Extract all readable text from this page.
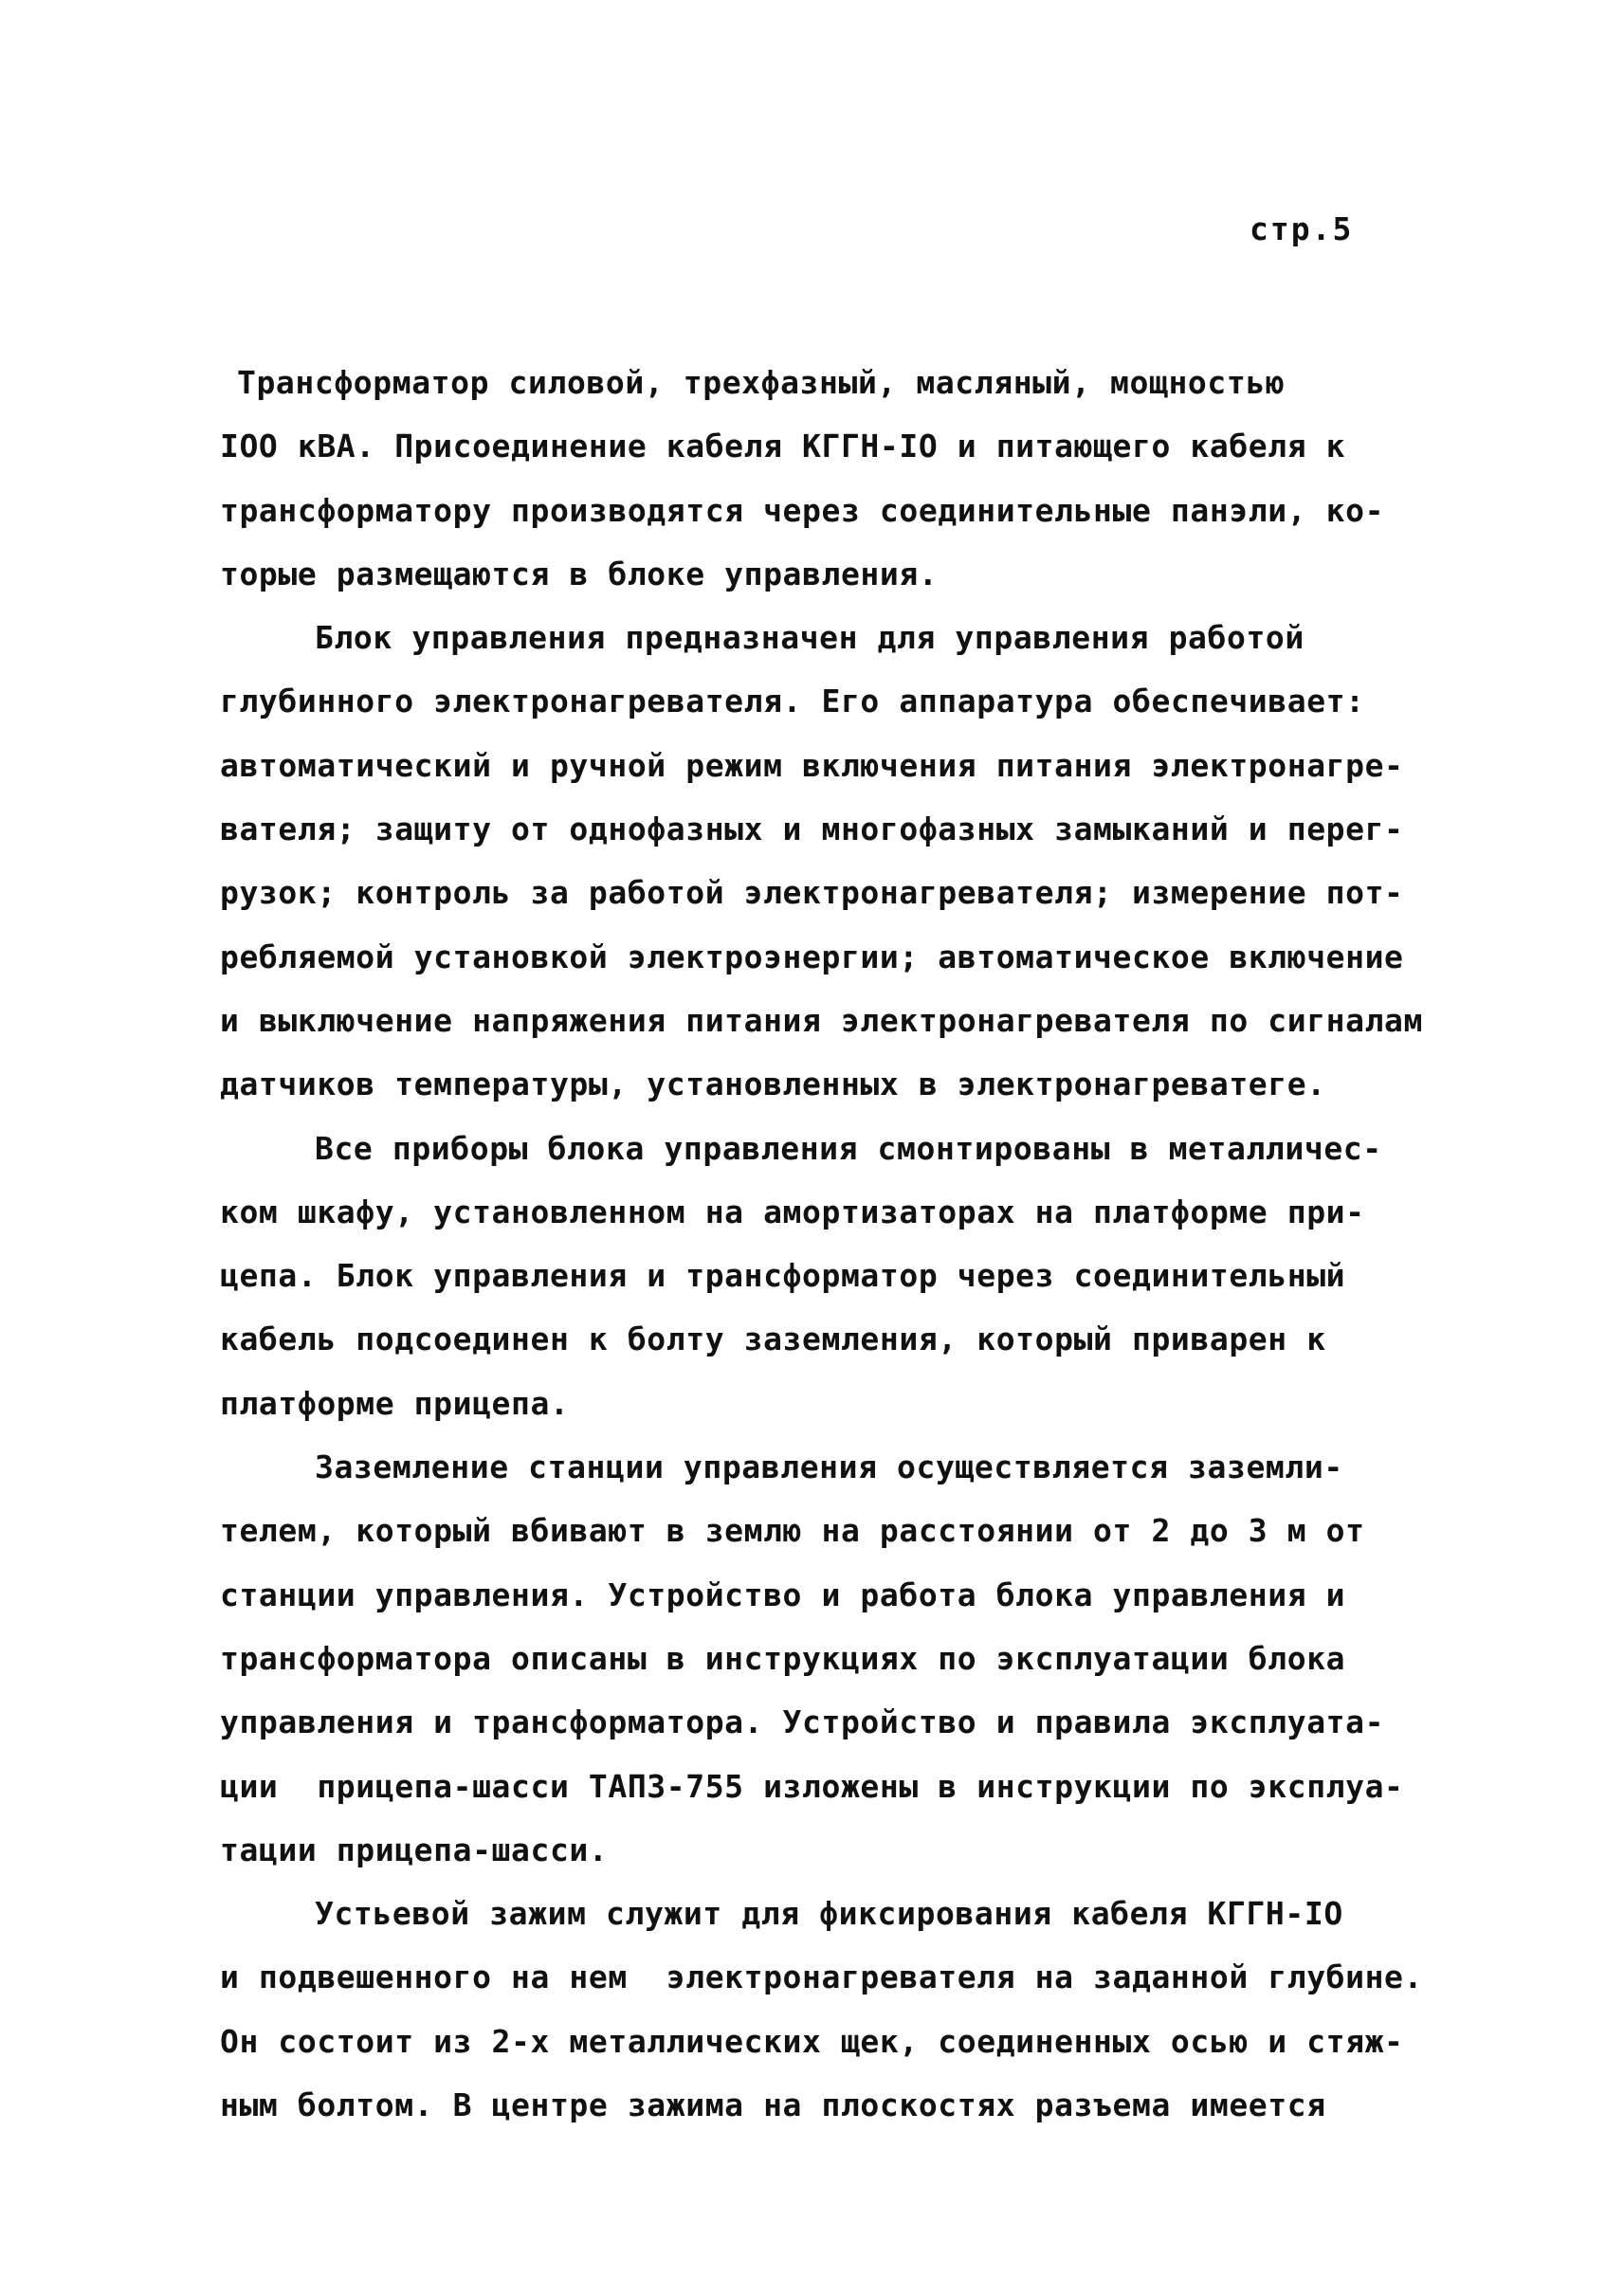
стр.5
Трансформатор силовой, трехфазный, масляный, мощностью
IOO кВА. Присоединение кабеля КГГН-IO и питающего кабеля к
трансформатору производятся через соединительные панэли, ко-
торые размещаются в блоке управления.
Блок управления предназначен для управления работой
глубинного электронагревателя. Его аппаратура обеспечивает:
автоматический и ручной режим включения питания электронагре-
вателя; защиту от однофазных и многофазных замыканий и перег-
рузок; контроль за работой электронагревателя; измерение пот-
ребляемой установкой электроэнергии; автоматическое включение
и выключение напряжения питания электронагревателя по сигналам
датчиков температуры, установленных в электронагреватеге.
Все приборы блока управления смонтированы в металличес-
ком шкафу, установленном на амортизаторах на платформе при-
цепа. Блок управления и трансформатор через соединительный
кабель подсоединен к болту заземления, который приварен к
платформе прицепа.
Заземление станции управления осуществляется заземли-
телем, который вбивают в землю на расстоянии от 2 до 3 м от
станции управления. Устройство и работа блока управления и
трансформатора описаны в инструкциях по эксплуатации блока
управления и трансформатора. Устройство и правила эксплуата-
ции  прицепа-шасси ТАПЗ-755 изложены в инструкции по эксплуа-
тации прицепа-шасси.
Устьевой зажим служит для фиксирования кабеля КГГН-IO
и подвешенного на нем  электронагревателя на заданной глубине.
Он состоит из 2-х металлических щек, соединенных осью и стяж-
ным болтом. В центре зажима на плоскостях разъема имеется
